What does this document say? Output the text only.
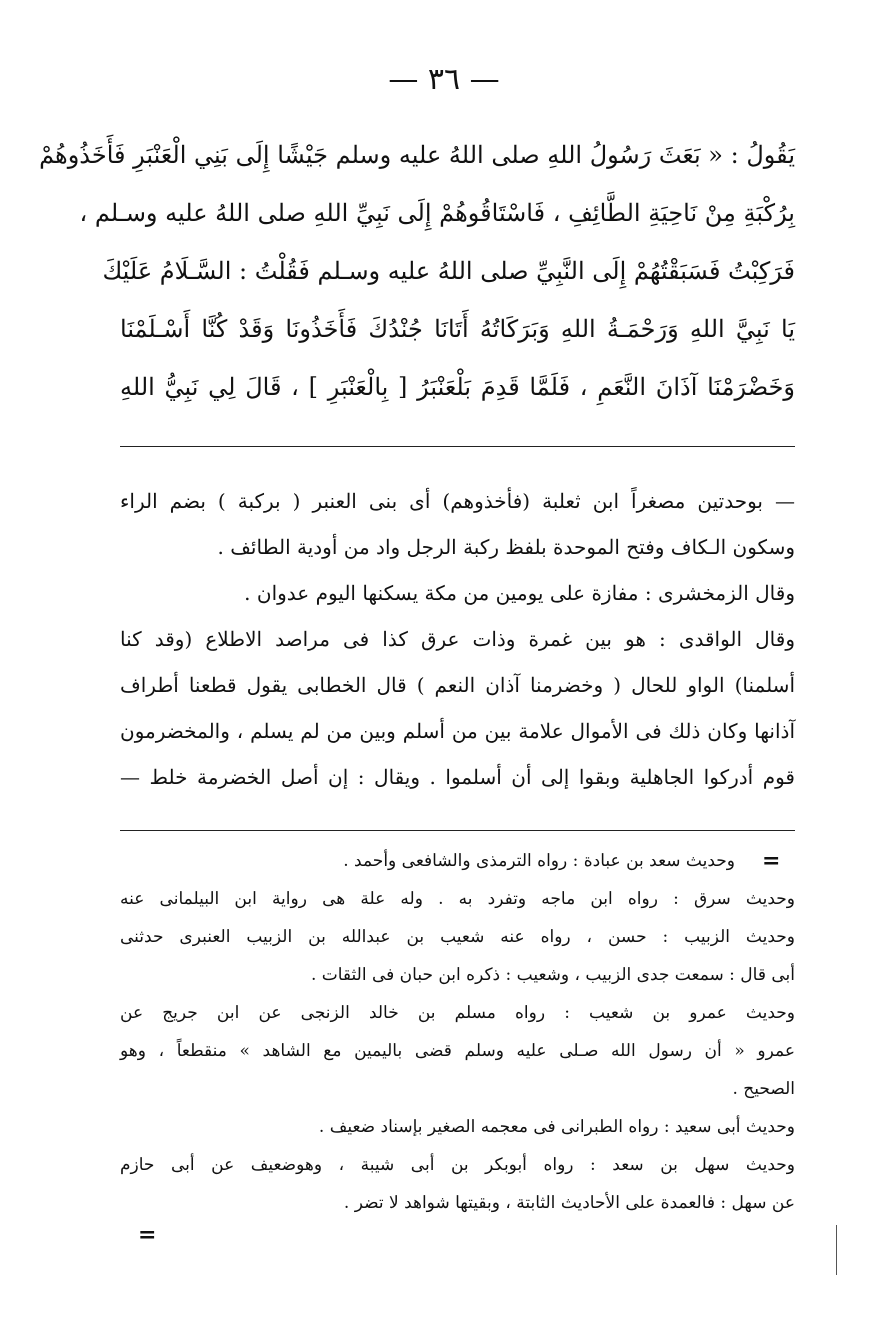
— ٣٦ —
يَقُولُ : « بَعَثَ رَسُولُ اللهِ صلى اللهُ عليه وسلم جَيْشًا إِلَى بَنِي الْعَنْبَرِ فَأَخَذُوهُمْ
بِرُكْبَةِ مِنْ نَاحِيَةِ الطَّائِفِ ، فَاسْتَاقُوهُمْ إِلَى نَبِيِّ اللهِ صلى اللهُ عليه وسـلم ،
فَرَكِبْتُ فَسَبَقْتُهُمْ إِلَى النَّبِيِّ صلى اللهُ عليه وسـلم فَقُلْتُ : السَّـلَامُ عَلَيْكَ
يَا نَبِيَّ اللهِ وَرَحْمَـةُ اللهِ وَبَرَكَاتُهُ أَتَانَا جُنْدُكَ فَأَخَذُونَا وَقَدْ كُنَّا أَسْـلَمْنَا
وَخَضْرَمْنَا آذَانَ النَّعَمِ ، فَلَمَّا قَدِمَ بَلْعَنْبَرُ [ بِالْعَنْبَرِ ] ، قَالَ لِي نَبِيُّ اللهِ
— بوحدتين مصغراً ابن ثعلبة (فأخذوهم) أى بنى العنبر ( بركبة ) بضم الراء
وسكون الـكاف وفتح الموحدة بلفظ ركبة الرجل واد من أودية الطائف .
وقال الزمخشرى : مفازة على يومين من مكة يسكنها اليوم عدوان .
وقال الواقدى : هو بين غمرة وذات عرق كذا فى مراصد الاطلاع (وقد كنا
أسلمنا) الواو للحال ( وخضرمنا آذان النعم ) قال الخطابى يقول قطعنا أطراف
آذانها وكان ذلك فى الأموال علامة بين من أسلم وبين من لم يسلم ، والمخضرمون
قوم أدركوا الجاهلية وبقوا إلى أن أسلموا . ويقال : إن أصل الخضرمة خلط —
=
وحديث سعد بن عبادة : رواه الترمذى والشافعى وأحمد .
وحديث سرق : رواه ابن ماجه وتفرد به . وله علة هى رواية ابن البيلمانى عنه
وحديث الزبيب : حسن ، رواه عنه شعيب بن عبدالله بن الزبيب العنبرى حدثنى
أبى قال : سمعت جدى الزبيب ، وشعيب : ذكره ابن حبان فى الثقات .
وحديث عمرو بن شعيب : رواه مسلم بن خالد الزنجى عن ابن جريج عن
عمرو « أن رسول الله صـلى عليه وسلم قضى باليمين مع الشاهد » منقطعاً ، وهو
الصحيح .
وحديث أبى سعيد : رواه الطبرانى فى معجمه الصغير بإسناد ضعيف .
وحديث سهل بن سعد : رواه أبوبكر بن أبى شيبة ، وهوضعيف عن أبى حازم
عن سهل : فالعمدة على الأحاديث الثابتة ، وبقيتها شواهد لا تضر .
=
